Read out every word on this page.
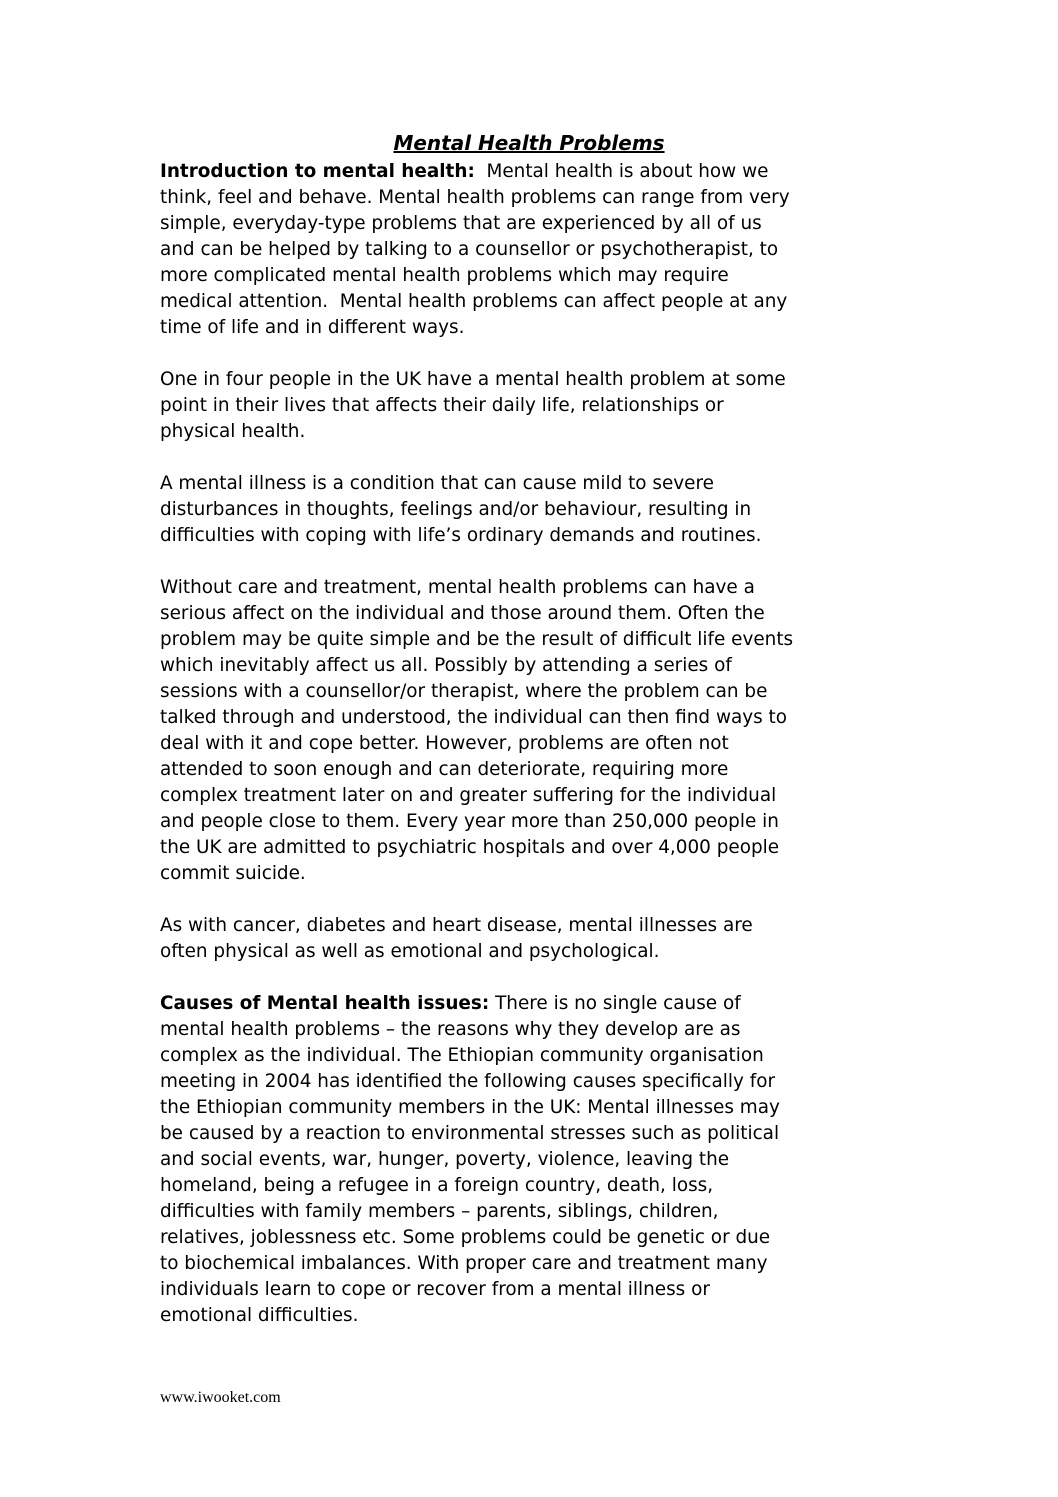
Mental Health Problems
Introduction to mental health:  Mental health is about how we
think, feel and behave. Mental health problems can range from very
simple, everyday-type problems that are experienced by all of us
and can be helped by talking to a counsellor or psychotherapist, to
more complicated mental health problems which may require
medical attention.  Mental health problems can affect people at any
time of life and in different ways.
One in four people in the UK have a mental health problem at some
point in their lives that affects their daily life, relationships or
physical health.
A mental illness is a condition that can cause mild to severe
disturbances in thoughts, feelings and/or behaviour, resulting in
difficulties with coping with life’s ordinary demands and routines.
Without care and treatment, mental health problems can have a
serious affect on the individual and those around them. Often the
problem may be quite simple and be the result of difficult life events
which inevitably affect us all. Possibly by attending a series of
sessions with a counsellor/or therapist, where the problem can be
talked through and understood, the individual can then find ways to
deal with it and cope better. However, problems are often not
attended to soon enough and can deteriorate, requiring more
complex treatment later on and greater suffering for the individual
and people close to them. Every year more than 250,000 people in
the UK are admitted to psychiatric hospitals and over 4,000 people
commit suicide.
As with cancer, diabetes and heart disease, mental illnesses are
often physical as well as emotional and psychological.
Causes of Mental health issues: There is no single cause of
mental health problems – the reasons why they develop are as
complex as the individual. The Ethiopian community organisation
meeting in 2004 has identified the following causes specifically for
the Ethiopian community members in the UK: Mental illnesses may
be caused by a reaction to environmental stresses such as political
and social events, war, hunger, poverty, violence, leaving the
homeland, being a refugee in a foreign country, death, loss,
difficulties with family members – parents, siblings, children,
relatives, joblessness etc. Some problems could be genetic or due
to biochemical imbalances. With proper care and treatment many
individuals learn to cope or recover from a mental illness or
emotional difficulties.
www.iwooket.com
